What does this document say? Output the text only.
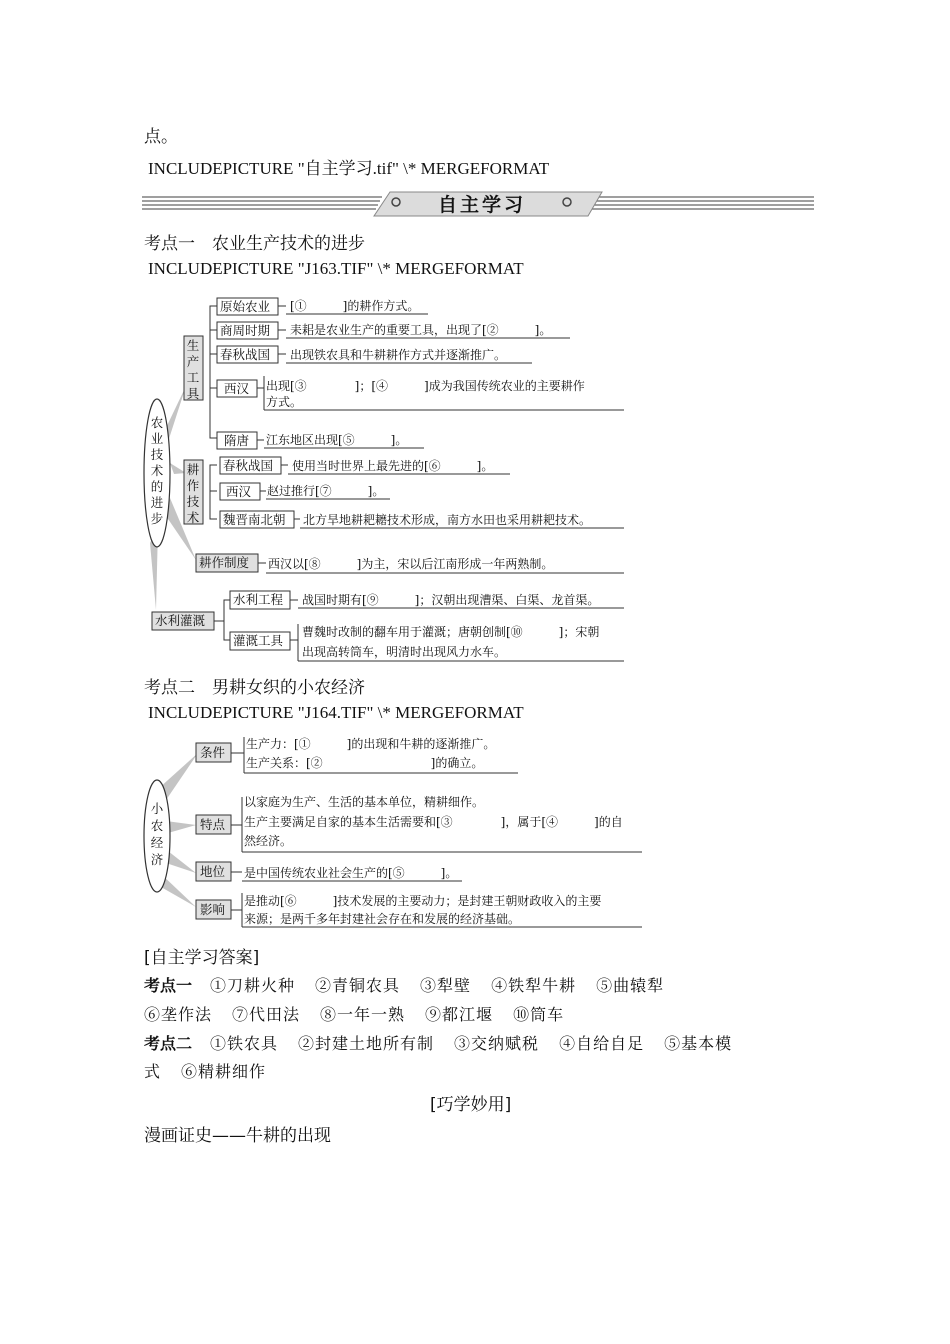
点。
INCLUDEPICTURE "自主学习.tif" \* MERGEFORMAT
自主学习
考点一　农业生产技术的进步
INCLUDEPICTURE "J163.TIF" \* MERGEFORMAT
农
业
技
术
的
进
步
生
产
工
具
原始农业 [①　　　]的耕作方式。
商周时期 耒耜是农业生产的重要工具，出现了[②　　　]。
春秋战国 出现铁农具和牛耕耕作方式并逐渐推广。
西汉 出现[③　　　　]；[④　　　]成为我国传统农业的主要耕作
方式。
隋唐 江东地区出现[⑤　　　]。
耕
作
技
术
春秋战国 使用当时世界上最先进的[⑥　　　]。
西汉 赵过推行[⑦　　　]。
魏晋南北朝 北方旱地耕耙耱技术形成，南方水田也采用耕耙技术。
耕作制度 西汉以[⑧　　　]为主，宋以后江南形成一年两熟制。
水利灌溉
水利工程 战国时期有[⑨　　　]；汉朝出现漕渠、白渠、龙首渠。
灌溉工具
曹魏时改制的翻车用于灌溉；唐朝创制[⑩　　　]；宋朝
出现高转筒车，明清时出现风力水车。
考点二　男耕女织的小农经济
INCLUDEPICTURE "J164.TIF" \* MERGEFORMAT
小
农
经
济
条件
生产力：[①　　　]的出现和牛耕的逐渐推广。
生产关系：[②　　　　　　　　　]的确立。
特点
以家庭为生产、生活的基本单位，精耕细作。
生产主要满足自家的基本生活需要和[③　　　　]，属于[④　　　]的自
然经济。
地位 是中国传统农业社会生产的[⑤　　　]。
影响
是推动[⑥　　　]技术发展的主要动力；是封建王朝财政收入的主要
来源；是两千多年封建社会存在和发展的经济基础。
[自主学习答案]
考点一 ①刀耕火种 ②青铜农具 ③犁壁 ④铁犁牛耕 ⑤曲辕犁
⑥垄作法 ⑦代田法 ⑧一年一熟 ⑨都江堰 ⑩筒车
考点二 ①铁农具 ②封建土地所有制 ③交纳赋税 ④自给自足 ⑤基本模
式 ⑥精耕细作
[巧学妙用]
漫画证史——牛耕的出现
